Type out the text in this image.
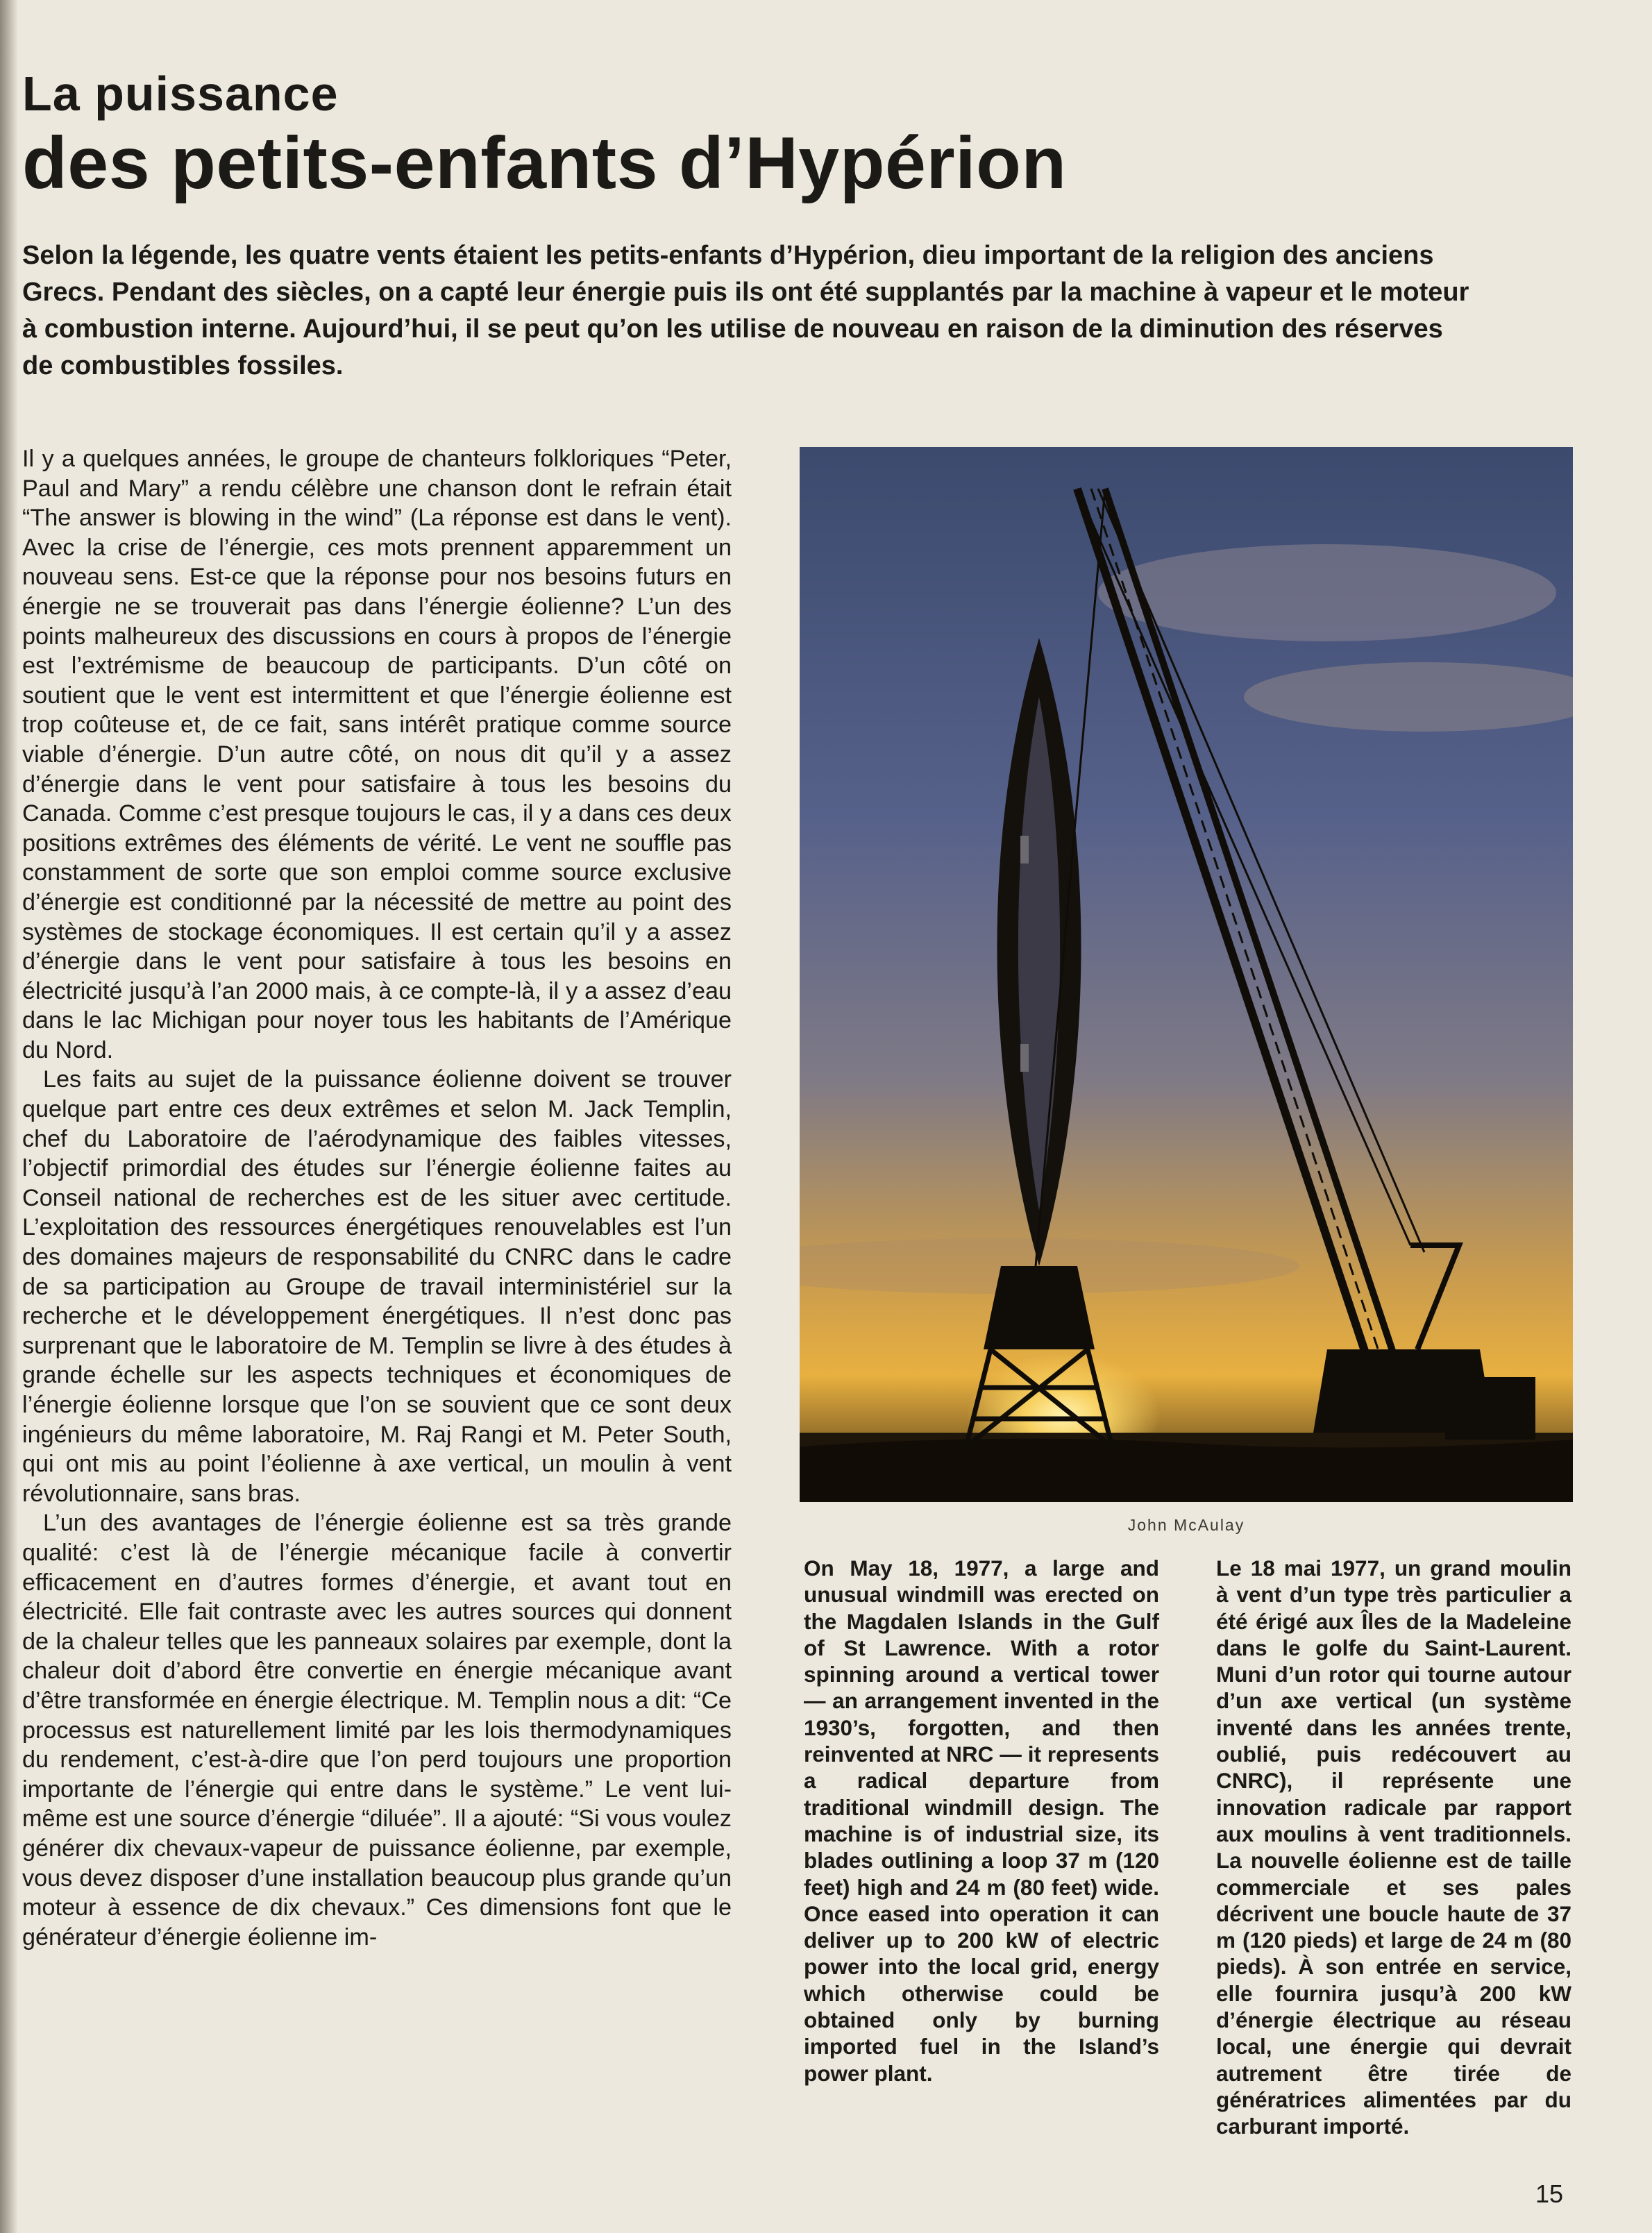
La puissance
des petits-enfants d’Hypérion

Selon la légende, les quatre vents étaient les petits-enfants d’Hypérion, dieu important de la religion des anciens Grecs. Pendant des siècles, on a capté leur énergie puis ils ont été supplantés par la machine à vapeur et le moteur à combustion interne. Aujourd’hui, il se peut qu’on les utilise de nouveau en raison de la diminution des réserves de combustibles fossiles.

Il y a quelques années, le groupe de chanteurs folkloriques “Peter, Paul and Mary” a rendu célèbre une chanson dont le refrain était “The answer is blowing in the wind” (La réponse est dans le vent). Avec la crise de l’énergie, ces mots prennent apparemment un nouveau sens. Est-ce que la réponse pour nos besoins futurs en énergie ne se trouverait pas dans l’énergie éolienne? L’un des points malheureux des discussions en cours à propos de l’énergie est l’extrémisme de beaucoup de participants. D’un côté on soutient que le vent est intermittent et que l’énergie éolienne est trop coûteuse et, de ce fait, sans intérêt pratique comme source viable d’énergie. D’un autre côté, on nous dit qu’il y a assez d’énergie dans le vent pour satisfaire à tous les besoins du Canada. Comme c’est presque toujours le cas, il y a dans ces deux positions extrêmes des éléments de vérité. Le vent ne souffle pas constamment de sorte que son emploi comme source exclusive d’énergie est conditionné par la nécessité de mettre au point des systèmes de stockage économiques. Il est certain qu’il y a assez d’énergie dans le vent pour satisfaire à tous les besoins en électricité jusqu’à l’an 2000 mais, à ce compte-là, il y a assez d’eau dans le lac Michigan pour noyer tous les habitants de l’Amérique du Nord.

Les faits au sujet de la puissance éolienne doivent se trouver quelque part entre ces deux extrêmes et selon M. Jack Templin, chef du Laboratoire de l’aérodynamique des faibles vitesses, l’objectif primordial des études sur l’énergie éolienne faites au Conseil national de recherches est de les situer avec certitude. L’exploitation des ressources énergétiques renouvelables est l’un des domaines majeurs de responsabilité du CNRC dans le cadre de sa participation au Groupe de travail interministériel sur la recherche et le développement énergétiques. Il n’est donc pas surprenant que le laboratoire de M. Templin se livre à des études à grande échelle sur les aspects techniques et économiques de l’énergie éolienne lorsque que l’on se souvient que ce sont deux ingénieurs du même laboratoire, M. Raj Rangi et M. Peter South, qui ont mis au point l’éolienne à axe vertical, un moulin à vent révolutionnaire, sans bras.

L’un des avantages de l’énergie éolienne est sa très grande qualité: c’est là de l’énergie mécanique facile à convertir efficacement en d’autres formes d’énergie, et avant tout en électricité. Elle fait contraste avec les autres sources qui donnent de la chaleur telles que les panneaux solaires par exemple, dont la chaleur doit d’abord être convertie en énergie mécanique avant d’être transformée en énergie électrique. M. Templin nous a dit: “Ce processus est naturellement limité par les lois thermodynamiques du rendement, c’est-à-dire que l’on perd toujours une proportion importante de l’énergie qui entre dans le système.” Le vent lui-même est une source d’énergie “diluée”. Il a ajouté: “Si vous voulez générer dix chevaux-vapeur de puissance éolienne, par exemple, vous devez disposer d’une installation beaucoup plus grande qu’un moteur à essence de dix chevaux.” Ces dimensions font que le générateur d’énergie éolienne im-

John McAulay

On May 18, 1977, a large and unusual windmill was erected on the Magdalen Islands in the Gulf of St Lawrence. With a rotor spinning around a vertical tower — an arrangement invented in the 1930’s, forgotten, and then reinvented at NRC — it represents a radical departure from traditional windmill design. The machine is of industrial size, its blades outlining a loop 37 m (120 feet) high and 24 m (80 feet) wide. Once eased into operation it can deliver up to 200 kW of electric power into the local grid, energy which otherwise could be obtained only by burning imported fuel in the Island’s power plant.

Le 18 mai 1977, un grand moulin à vent d’un type très particulier a été érigé aux Îles de la Madeleine dans le golfe du Saint-Laurent. Muni d’un rotor qui tourne autour d’un axe vertical (un système inventé dans les années trente, oublié, puis redécouvert au CNRC), il représente une innovation radicale par rapport aux moulins à vent traditionnels. La nouvelle éolienne est de taille commerciale et ses pales décrivent une boucle haute de 37 m (120 pieds) et large de 24 m (80 pieds). À son entrée en service, elle fournira jusqu’à 200 kW d’énergie électrique au réseau local, une énergie qui devrait autrement être tirée de génératrices alimentées par du carburant importé.

15
